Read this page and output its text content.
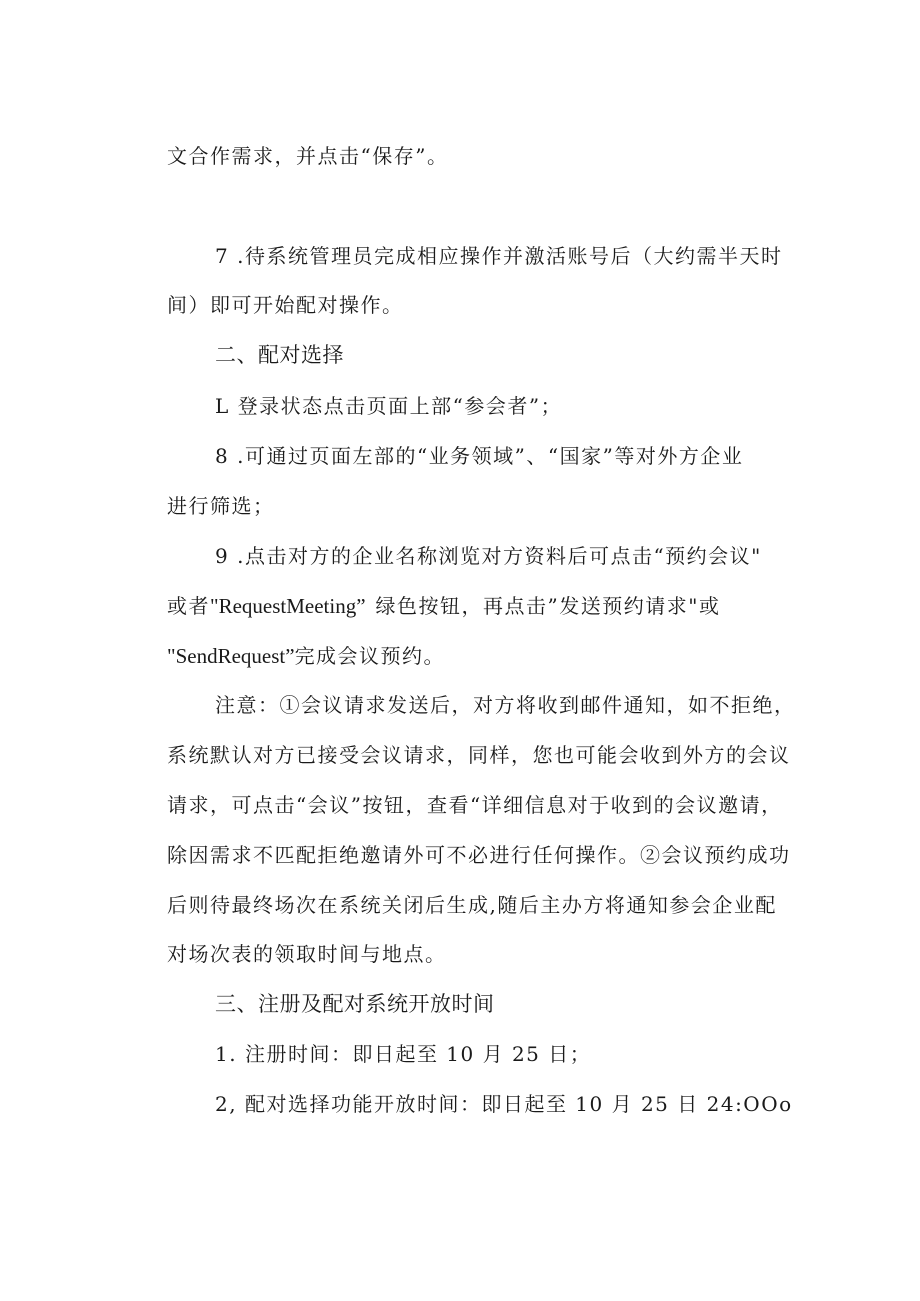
文合作需求，并点击“保存”。
7 .待系统管理员完成相应操作并激活账号后（大约需半天时
间）即可开始配对操作。
二、配对选择
L 登录状态点击页面上部“参会者”；
8 .可通过页面左部的“业务领域”、“国家”等对外方企业
进行筛选；
9 .点击对方的企业名称浏览对方资料后可点击“预约会议"
或者"RequestMeeting” 绿色按钮，再点击”发送预约请求"或
"SendRequest”完成会议预约。
注意：①会议请求发送后，对方将收到邮件通知，如不拒绝，
系统默认对方已接受会议请求，同样，您也可能会收到外方的会议
请求，可点击“会议”按钮，查看“详细信息对于收到的会议邀请，
除因需求不匹配拒绝邀请外可不必进行任何操作。②会议预约成功
后则待最终场次在系统关闭后生成,随后主办方将通知参会企业配
对场次表的领取时间与地点。
三、注册及配对系统开放时间
1. 注册时间：即日起至 10 月 25 日；
2, 配对选择功能开放时间：即日起至 10 月 25 日 24:OOo
